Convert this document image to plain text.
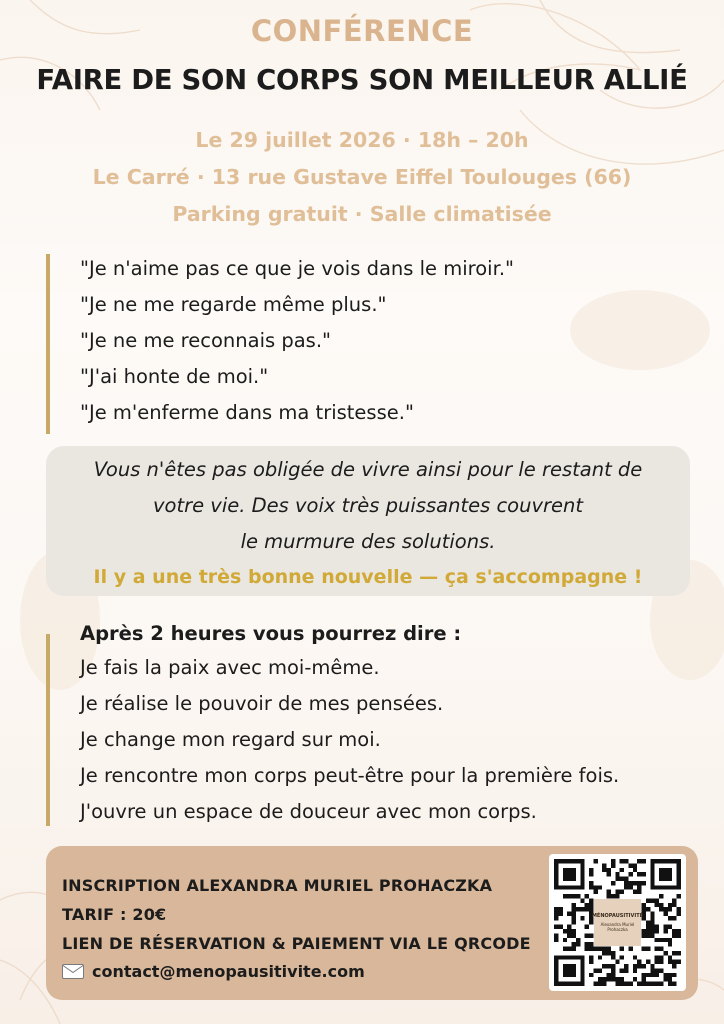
CONFÉRENCE
FAIRE DE SON CORPS SON MEILLEUR ALLIÉ
Le 29 juillet 2026 · 18h – 20h
Le Carré · 13 rue Gustave Eiffel Toulouges (66)
Parking gratuit · Salle climatisée
"Je n'aime pas ce que je vois dans le miroir."
"Je ne me regarde même plus."
"Je ne me reconnais pas."
"J'ai honte de moi."
"Je m'enferme dans ma tristesse."
Vous n'êtes pas obligée de vivre ainsi pour le restant de
votre vie. Des voix très puissantes couvrent
le murmure des solutions.
Il y a une très bonne nouvelle — ça s'accompagne !
Après 2 heures vous pourrez dire :
Je fais la paix avec moi-même.
Je réalise le pouvoir de mes pensées.
Je change mon regard sur moi.
Je rencontre mon corps peut-être pour la première fois.
J'ouvre un espace de douceur avec mon corps.
INSCRIPTION ALEXANDRA MURIEL PROHACZKA
TARIF : 20€
LIEN DE RÉSERVATION & PAIEMENT VIA LE QRCODE
contact@menopausitivite.com
MÉNOPAUSITIVITÉ
Alexandra Muriel
Prohaczka
